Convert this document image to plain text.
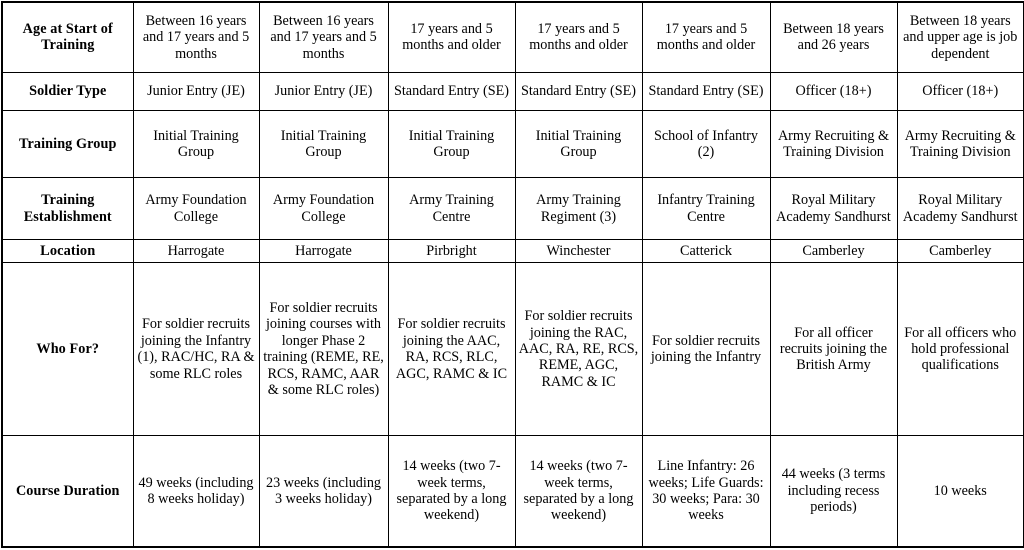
Age at Start of Training	Between 16 years and 17 years and 5 months	Between 16 years and 17 years and 5 months	17 years and 5 months and older	17 years and 5 months and older	17 years and 5 months and older	Between 18 years and 26 years	Between 18 years and upper age is job dependent
Soldier Type	Junior Entry (JE)	Junior Entry (JE)	Standard Entry (SE)	Standard Entry (SE)	Standard Entry (SE)	Officer (18+)	Officer (18+)
Training Group	Initial Training Group	Initial Training Group	Initial Training Group	Initial Training Group	School of Infantry (2)	Army Recruiting & Training Division	Army Recruiting & Training Division
Training Establishment	Army Foundation College	Army Foundation College	Army Training Centre	Army Training Regiment (3)	Infantry Training Centre	Royal Military Academy Sandhurst	Royal Military Academy Sandhurst
Location	Harrogate	Harrogate	Pirbright	Winchester	Catterick	Camberley	Camberley
Who For?	For soldier recruits joining the Infantry (1), RAC/HC, RA & some RLC roles	For soldier recruits joining courses with longer Phase 2 training (REME, RE, RCS, RAMC, AAR & some RLC roles)	For soldier recruits joining the AAC, RA, RCS, RLC, AGC, RAMC & IC	For soldier recruits joining the RAC, AAC, RA, RE, RCS, REME, AGC, RAMC & IC	For soldier recruits joining the Infantry	For all officer recruits joining the British Army	For all officers who hold professional qualifications
Course Duration	49 weeks (including 8 weeks holiday)	23 weeks (including 3 weeks holiday)	14 weeks (two 7-week terms, separated by a long weekend)	14 weeks (two 7-week terms, separated by a long weekend)	Line Infantry: 26 weeks; Life Guards: 30 weeks; Para: 30 weeks	44 weeks (3 terms including recess periods)	10 weeks
